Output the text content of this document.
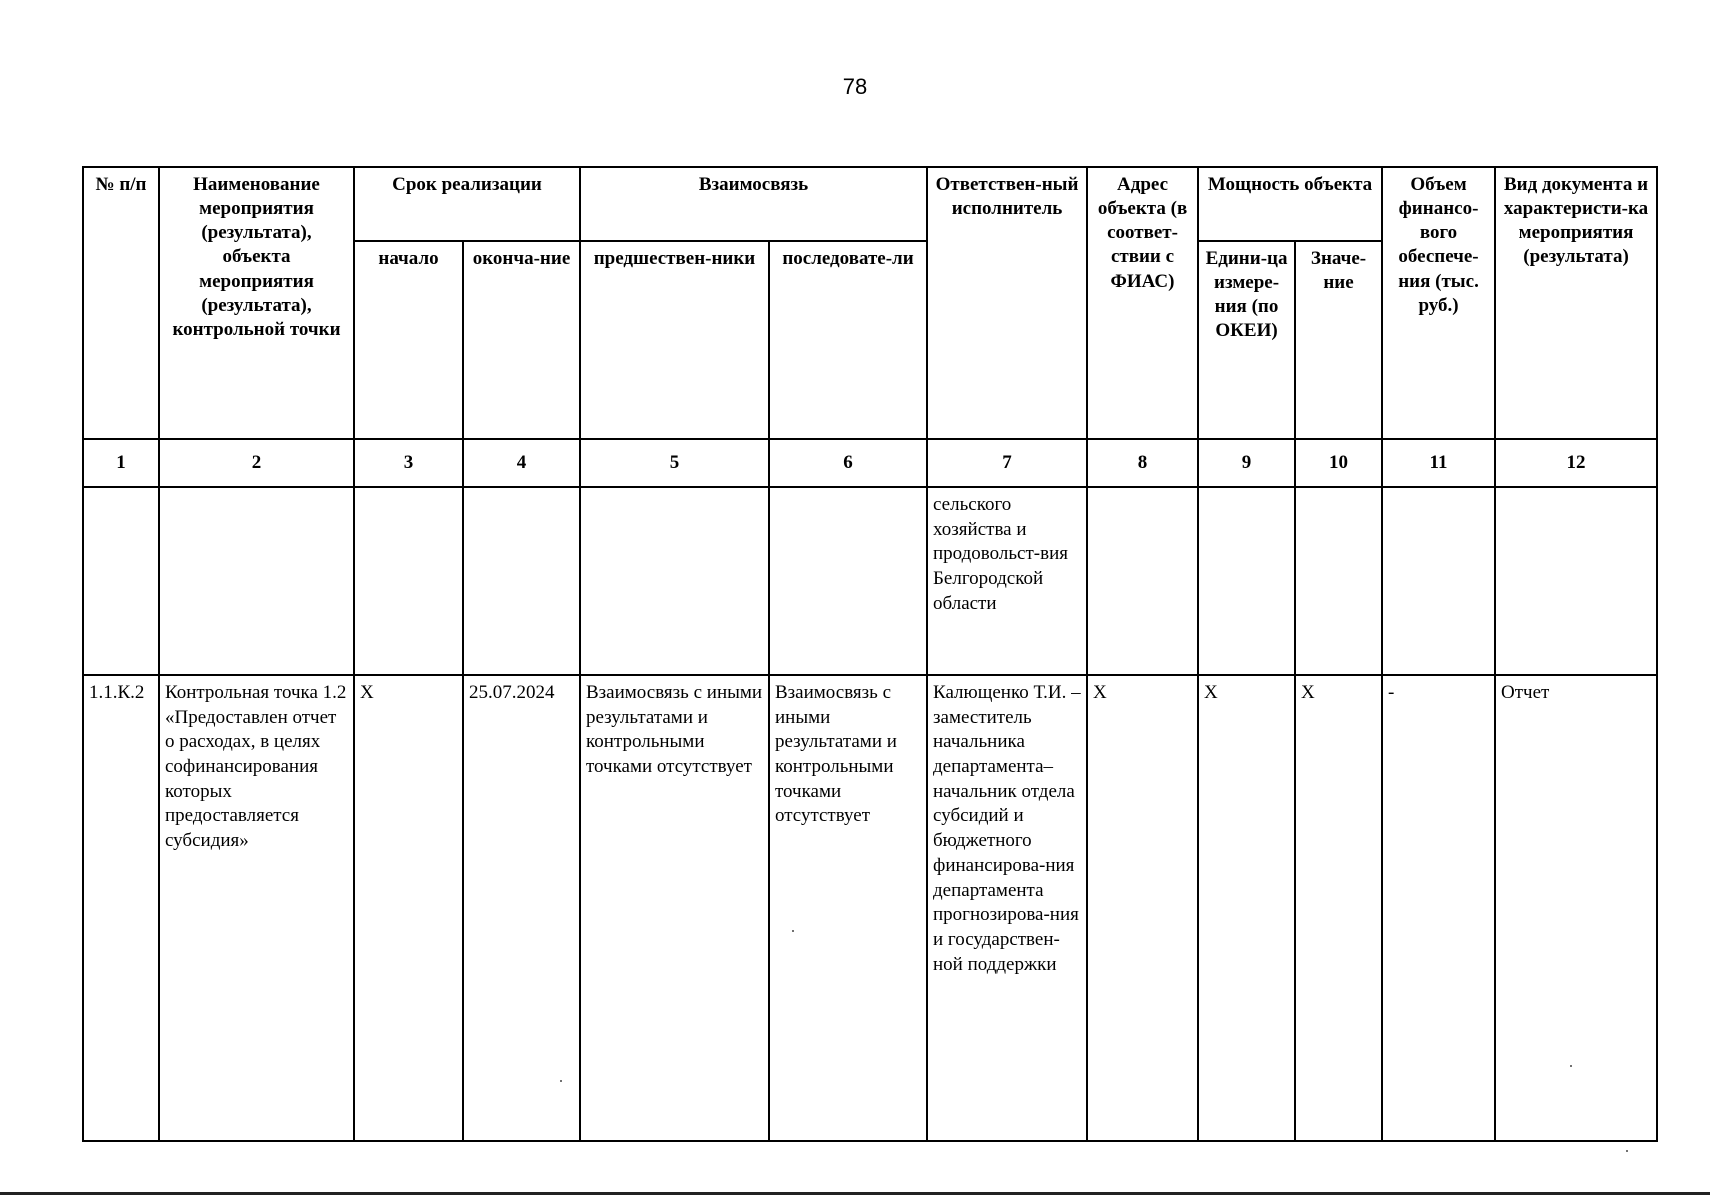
78
№ п/п	Наименование мероприятия (результата), объекта мероприятия (результата), контрольной точки	Срок реализации		Взаимосвязь		Ответствен-ный исполнитель	Адрес объекта (в соответ-ствии с ФИАС)	Мощность объекта		Объем финансо-вого обеспече-ния (тыс. руб.)	Вид документа и характеристи-ка мероприятия (результата)
		начало	оконча-ние	предшествен-ники	последовате-ли			Едини-ца измере-ния (по ОКЕИ)	Значе-ние		
1	2	3	4	5	6	7	8	9	10	11	12
						сельского хозяйства и продовольст-вия Белгородской области					
1.1.К.2	Контрольная точка 1.2 «Предоставлен отчет о расходах, в целях софинансирования которых предоставляется субсидия»	X	25.07.2024	Взаимосвязь с иными результатами и контрольными точками отсутствует	Взаимосвязь с иными результатами и контрольными точками отсутствует	Калющенко Т.И. – заместитель начальника департамента–начальник отдела субсидий и бюджетного финансирова-ния департамента прогнозирова-ния и государствен-ной поддержки	X	X	X	-	Отчет
